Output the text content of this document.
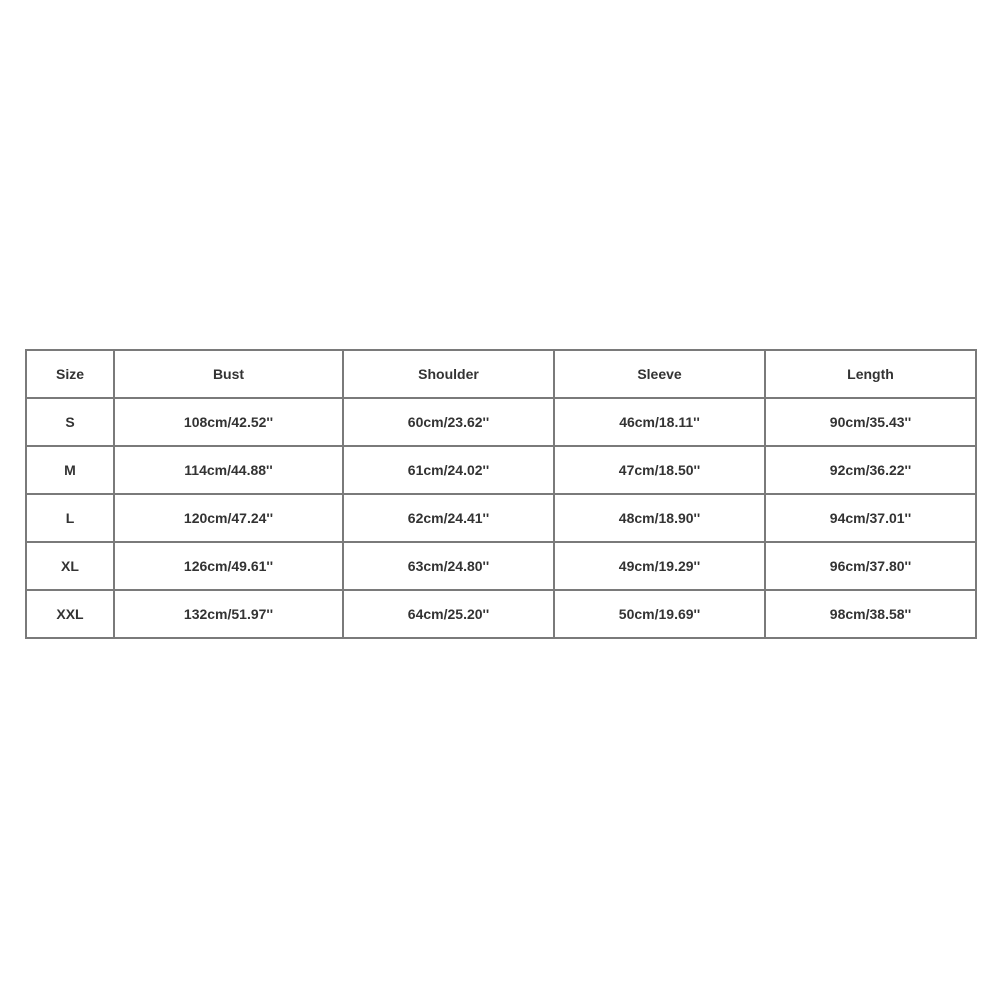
Size	Bust	Shoulder	Sleeve	Length
S	108cm/42.52''	60cm/23.62''	46cm/18.11''	90cm/35.43''
M	114cm/44.88''	61cm/24.02''	47cm/18.50''	92cm/36.22''
L	120cm/47.24''	62cm/24.41''	48cm/18.90''	94cm/37.01''
XL	126cm/49.61''	63cm/24.80''	49cm/19.29''	96cm/37.80''
XXL	132cm/51.97''	64cm/25.20''	50cm/19.69''	98cm/38.58''
